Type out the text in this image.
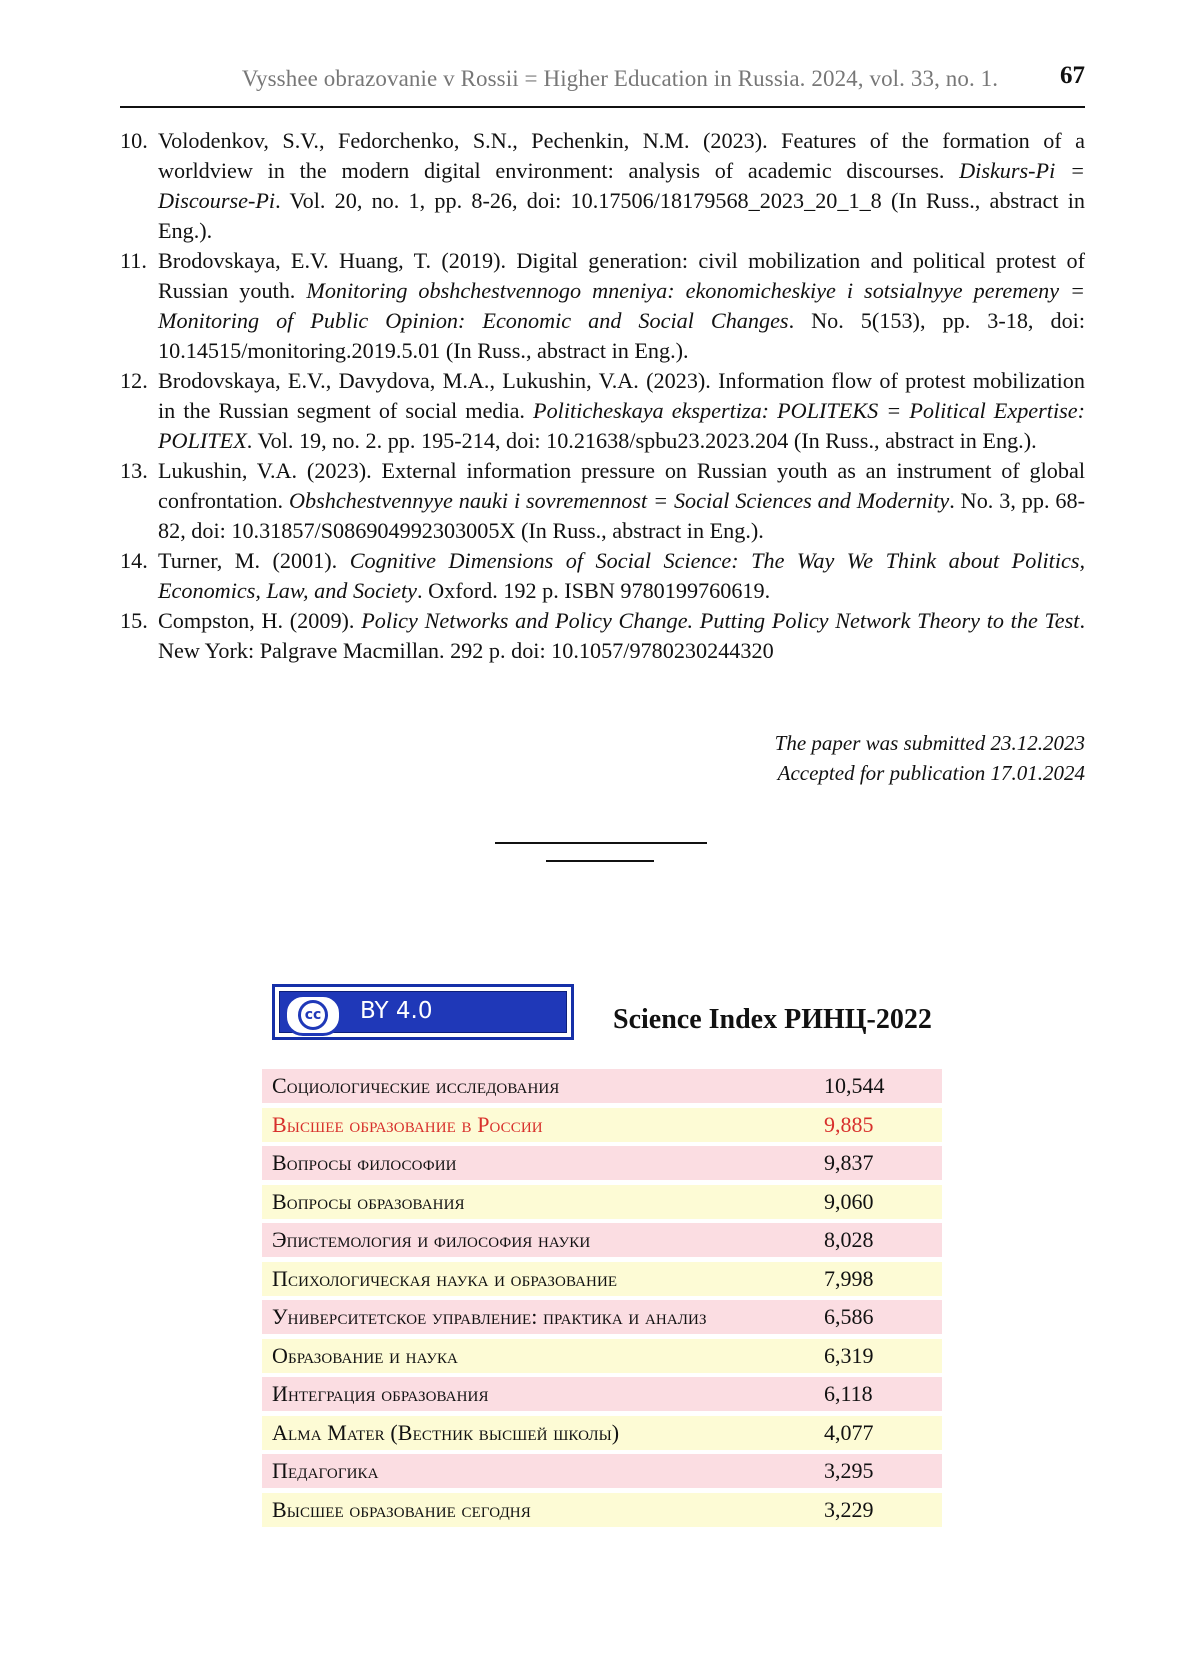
Vysshee obrazovanie v Rossii = Higher Education in Russia. 2024, vol. 33, no. 1.	67
10. Volodenkov, S.V., Fedorchenko, S.N., Pechenkin, N.M. (2023). Features of the formation of a worldview in the modern digital environment: analysis of academic discourses. Diskurs-Pi = Discourse-Pi. Vol. 20, no. 1, pp. 8-26, doi: 10.17506/18179568_2023_20_1_8 (In Russ., abstract in Eng.).
11. Brodovskaya, E.V. Huang, T. (2019). Digital generation: civil mobilization and political protest of Russian youth. Monitoring obshchestvennogo mneniya: ekonomicheskiye i sotsialnyye peremeny = Monitoring of Public Opinion: Economic and Social Changes. No. 5(153), pp. 3-18, doi: 10.14515/monitoring.2019.5.01 (In Russ., abstract in Eng.).
12. Brodovskaya, E.V., Davydova, M.A., Lukushin, V.A. (2023). Information flow of protest mobilization in the Russian segment of social media. Politicheskaya ekspertiza: POLITEKS = Political Expertise: POLITEX. Vol. 19, no. 2. pp. 195-214, doi: 10.21638/spbu23.2023.204 (In Russ., abstract in Eng.).
13. Lukushin, V.A. (2023). External information pressure on Russian youth as an instrument of global confrontation. Obshchestvennyye nauki i sovremennost = Social Sciences and Modernity. No. 3, pp. 68-82, doi: 10.31857/S086904992303005X (In Russ., abstract in Eng.).
14. Turner, M. (2001). Cognitive Dimensions of Social Science: The Way We Think about Politics, Economics, Law, and Society. Oxford. 192 p. ISBN 9780199760619.
15. Compston, H. (2009). Policy Networks and Policy Change. Putting Policy Network Theory to the Test. New York: Palgrave Macmillan. 292 p. doi: 10.1057/9780230244320
The paper was submitted 23.12.2023
Accepted for publication 17.01.2024
cc BY 4.0	Science Index РИНЦ-2022
Социологические исследования	10,544
Высшее образование в России	9,885
Вопросы философии	9,837
Вопросы образования	9,060
Эпистемология и философия науки	8,028
Психологическая наука и образование	7,998
Университетское управление: практика и анализ	6,586
Образование и наука	6,319
Интеграция образования	6,118
Alma Mater (Вестник высшей школы)	4,077
Педагогика	3,295
Высшее образование сегодня	3,229
